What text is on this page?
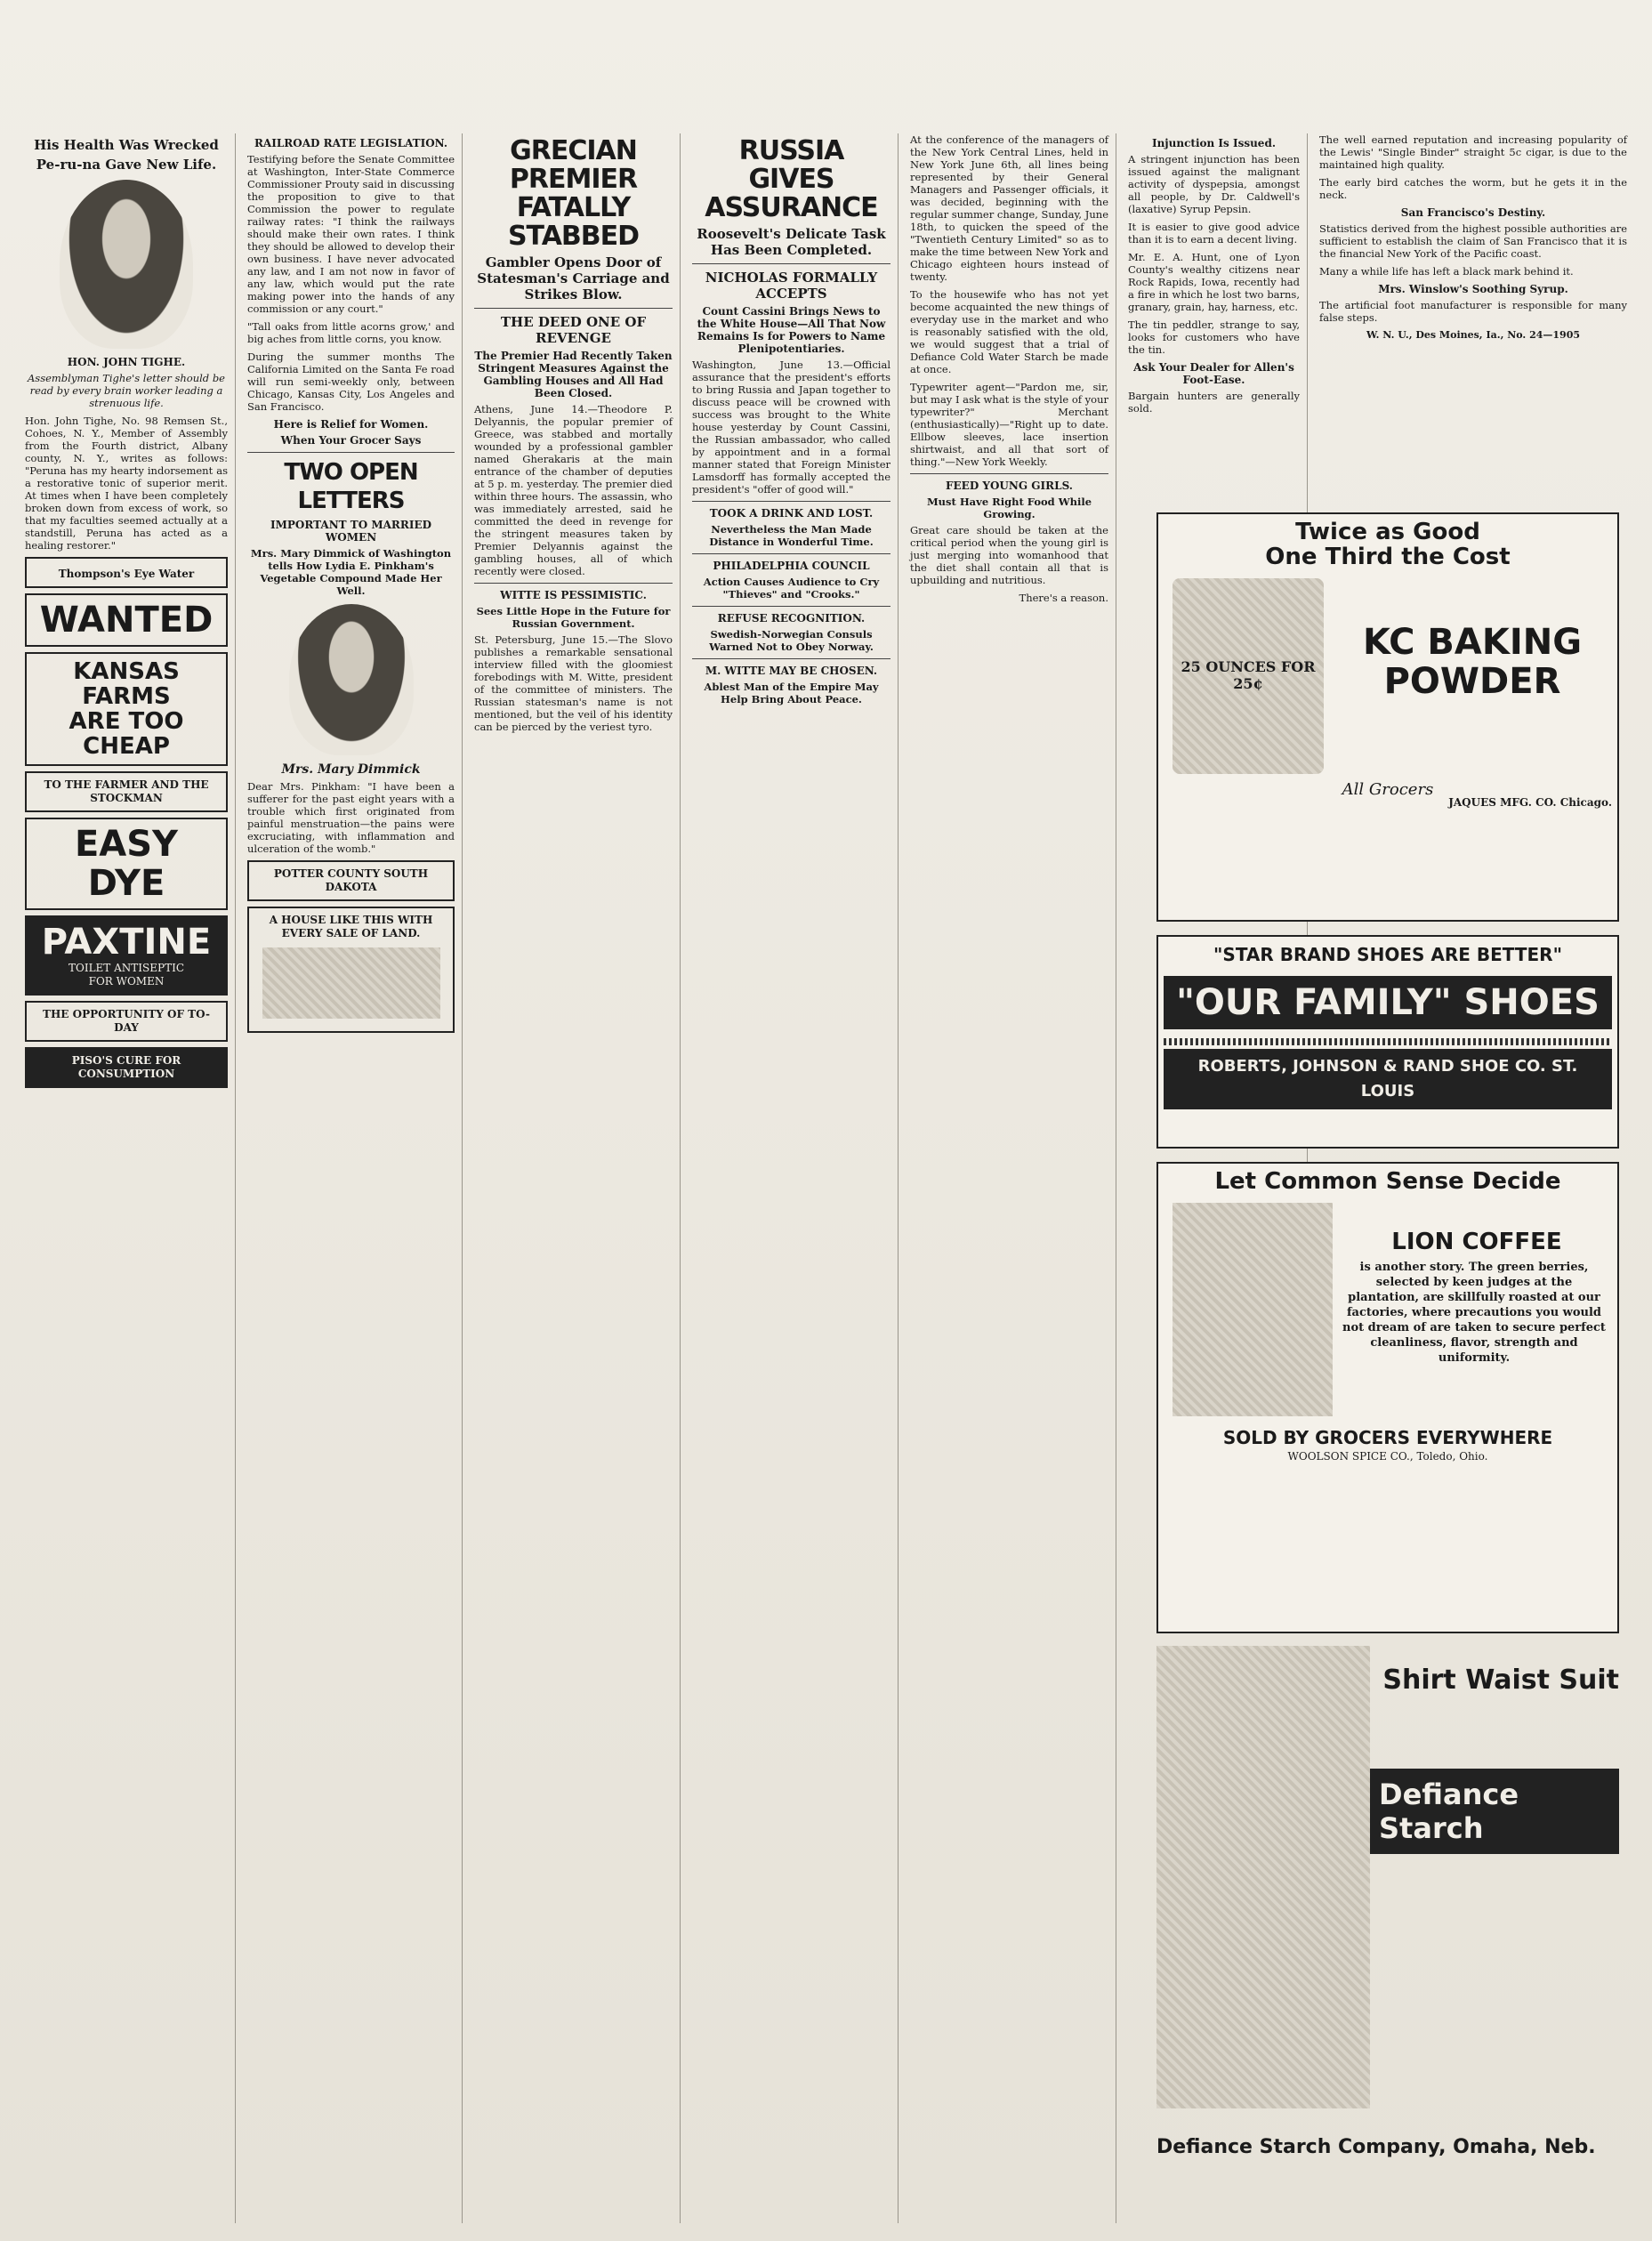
His Health Was Wrecked
Pe-ru-na Gave New Life.
HON. JOHN TIGHE.

Assemblyman Tighe's letter should be read by every brain worker leading a strenuous life.

Hon. John Tighe, No. 98 Remsen St., Cohoes, N. Y., Member of Assembly from the Fourth district, Albany county, N. Y., writes as follows: "Peruna has my hearty indorsement as a restorative tonic of superior merit. At times when I have been completely broken down from excess of work, so that my faculties seemed actually at a standstill, Peruna has acted as a healing restorer."

Thompson's Eye Water
WANTED
KANSAS FARMS
ARE TOO CHEAP
TO THE FARMER AND THE STOCKMAN
EASY DYE
PAXTINE
TOILET ANTISEPTIC
FOR WOMEN
THE OPPORTUNITY OF TO-DAY
PISO'S CURE FOR CONSUMPTION
RAILROAD RATE LEGISLATION.

Testifying before the Senate Committee at Washington, Inter-State Commerce Commissioner Prouty said in discussing the proposition to give to that Commission the power to regulate railway rates: "I think the railways should make their own rates. I think they should be allowed to develop their own business. I have never advocated any law, and I am not now in favor of any law, which would put the rate making power into the hands of any commission or any court."

"Tall oaks from little acorns grow,' and big aches from little corns, you know.

During the summer months The California Limited on the Santa Fe road will run semi-weekly only, between Chicago, Kansas City, Los Angeles and San Francisco.

Here is Relief for Women.
When Your Grocer Says
TWO OPEN LETTERS
IMPORTANT TO MARRIED WOMEN
Mrs. Mary Dimmick of Washington tells How Lydia E. Pinkham's Vegetable Compound Made Her Well.
Mrs. Mary Dimmick

Dear Mrs. Pinkham: "I have been a sufferer for the past eight years with a trouble which first originated from painful menstruation—the pains were excruciating, with inflammation and ulceration of the womb."

POTTER COUNTY SOUTH DAKOTA
A HOUSE LIKE THIS WITH EVERY SALE OF LAND.
GRECIAN PREMIER FATALLY STABBED
Gambler Opens Door of Statesman's Carriage and Strikes Blow.
THE DEED ONE OF REVENGE
The Premier Had Recently Taken Stringent Measures Against the Gambling Houses and All Had Been Closed.

Athens, June 14.—Theodore P. Delyannis, the popular premier of Greece, was stabbed and mortally wounded by a professional gambler named Gherakaris at the main entrance of the chamber of deputies at 5 p. m. yesterday. The premier died within three hours. The assassin, who was immediately arrested, said he committed the deed in revenge for the stringent measures taken by Premier Delyannis against the gambling houses, all of which recently were closed.

WITTE IS PESSIMISTIC.
Sees Little Hope in the Future for Russian Government.

St. Petersburg, June 15.—The Slovo publishes a remarkable sensational interview filled with the gloomiest forebodings with M. Witte, president of the committee of ministers. The Russian statesman's name is not mentioned, but the veil of his identity can be pierced by the veriest tyro.

RUSSIA GIVES ASSURANCE
Roosevelt's Delicate Task Has Been Completed.
NICHOLAS FORMALLY ACCEPTS
Count Cassini Brings News to the White House—All That Now Remains Is for Powers to Name Plenipotentiaries.

Washington, June 13.—Official assurance that the president's efforts to bring Russia and Japan together to discuss peace will be crowned with success was brought to the White house yesterday by Count Cassini, the Russian ambassador, who called by appointment and in a formal manner stated that Foreign Minister Lamsdorff has formally accepted the president's "offer of good will."

TOOK A DRINK AND LOST.
Nevertheless the Man Made Distance in Wonderful Time.
PHILADELPHIA COUNCIL
Action Causes Audience to Cry "Thieves" and "Crooks."
REFUSE RECOGNITION.
Swedish-Norwegian Consuls Warned Not to Obey Norway.
M. WITTE MAY BE CHOSEN.
Ablest Man of the Empire May Help Bring About Peace.

At the conference of the managers of the New York Central Lines, held in New York June 6th, all lines being represented by their General Managers and Passenger officials, it was decided, beginning with the regular summer change, Sunday, June 18th, to quicken the speed of the "Twentieth Century Limited" so as to make the time between New York and Chicago eighteen hours instead of twenty.

To the housewife who has not yet become acquainted the new things of everyday use in the market and who is reasonably satisfied with the old, we would suggest that a trial of Defiance Cold Water Starch be made at once.

Typewriter agent—"Pardon me, sir, but may I ask what is the style of your typewriter?" Merchant (enthusiastically)—"Right up to date. Ellbow sleeves, lace insertion shirtwaist, and all that sort of thing."—New York Weekly.

FEED YOUNG GIRLS.
Must Have Right Food While Growing.

Great care should be taken at the critical period when the young girl is just merging into womanhood that the diet shall contain all that is upbuilding and nutritious.

There's a reason.

Injunction Is Issued.

A stringent injunction has been issued against the malignant activity of dyspepsia, amongst all people, by Dr. Caldwell's (laxative) Syrup Pepsin.

It is easier to give good advice than it is to earn a decent living.

Mr. E. A. Hunt, one of Lyon County's wealthy citizens near Rock Rapids, Iowa, recently had a fire in which he lost two barns, granary, grain, hay, harness, etc.

The tin peddler, strange to say, looks for customers who have the tin.

Ask Your Dealer for Allen's Foot-Ease.

Bargain hunters are generally sold.

The well earned reputation and increasing popularity of the Lewis' "Single Binder" straight 5c cigar, is due to the maintained high quality.

The early bird catches the worm, but he gets it in the neck.

San Francisco's Destiny.

Statistics derived from the highest possible authorities are sufficient to establish the claim of San Francisco that it is the financial New York of the Pacific coast.

Many a while life has left a black mark behind it.

Mrs. Winslow's Soothing Syrup.

The artificial foot manufacturer is responsible for many false steps.

W. N. U., Des Moines, Ia., No. 24—1905
Twice as Good
One Third the Cost
25 OUNCES FOR 25¢
KC BAKING POWDER
All Grocers
JAQUES MFG. CO. Chicago.
"STAR BRAND SHOES ARE BETTER"
"OUR FAMILY" SHOES
ROBERTS, JOHNSON & RAND SHOE CO. ST. LOUIS
Let Common Sense Decide
LION COFFEE

is another story. The green berries, selected by keen judges at the plantation, are skillfully roasted at our factories, where precautions you would not dream of are taken to secure perfect cleanliness, flavor, strength and uniformity.

SOLD BY GROCERS EVERYWHERE
WOOLSON SPICE CO., Toledo, Ohio.
Shirt Waist Suit
Defiance Starch
Defiance Starch Company, Omaha, Neb.
